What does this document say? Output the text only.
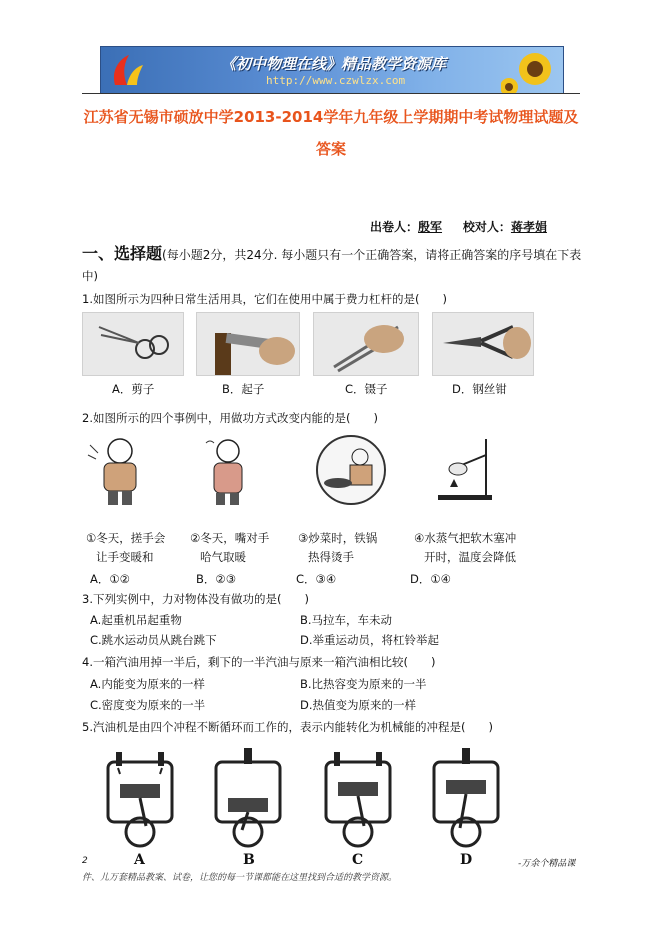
《初中物理在线》精品教学资源库
http://www.czwlzx.com
江苏省无锡市硕放中学2013-2014学年九年级上学期期中考试物理试题及
答案
出卷人：殷军 校对人：蒋孝娟
一、选择题(每小题2分，共24分. 每小题只有一个正确答案，请将正确答案的序号填在下表
中)
1.如图所示为四种日常生活用具，它们在使用中属于费力杠杆的是(　　)
A．剪子	B．起子	C．镊子	D．钢丝钳
2.如图所示的四个事例中，用做功方式改变内能的是(　　)
①冬天，搓手会
让手变暖和
②冬天，嘴对手
哈气取暖
③炒菜时，铁锅
热得烫手
④水蒸气把软木塞冲
开时，温度会降低
A．①②	B．②③	C．③④	D．①④
3.下列实例中，力对物体没有做功的是(　　)
A.起重机吊起重物	B.马拉车，车未动
C.跳水运动员从跳台跳下	D.举重运动员，将杠铃举起
4.一箱汽油用掉一半后，剩下的一半汽油与原来一箱汽油相比较(　　)
A.内能变为原来的一样	B.比热容变为原来的一半
C.密度变为原来的一半	D.热值变为原来的一样
5.汽油机是由四个冲程不断循环而工作的，表示内能转化为机械能的冲程是(　　)
A	B	C	D
2	-万余个精品课
件、儿万套精品教案、试卷，让您的每一节课都能在这里找到合适的教学资源。
